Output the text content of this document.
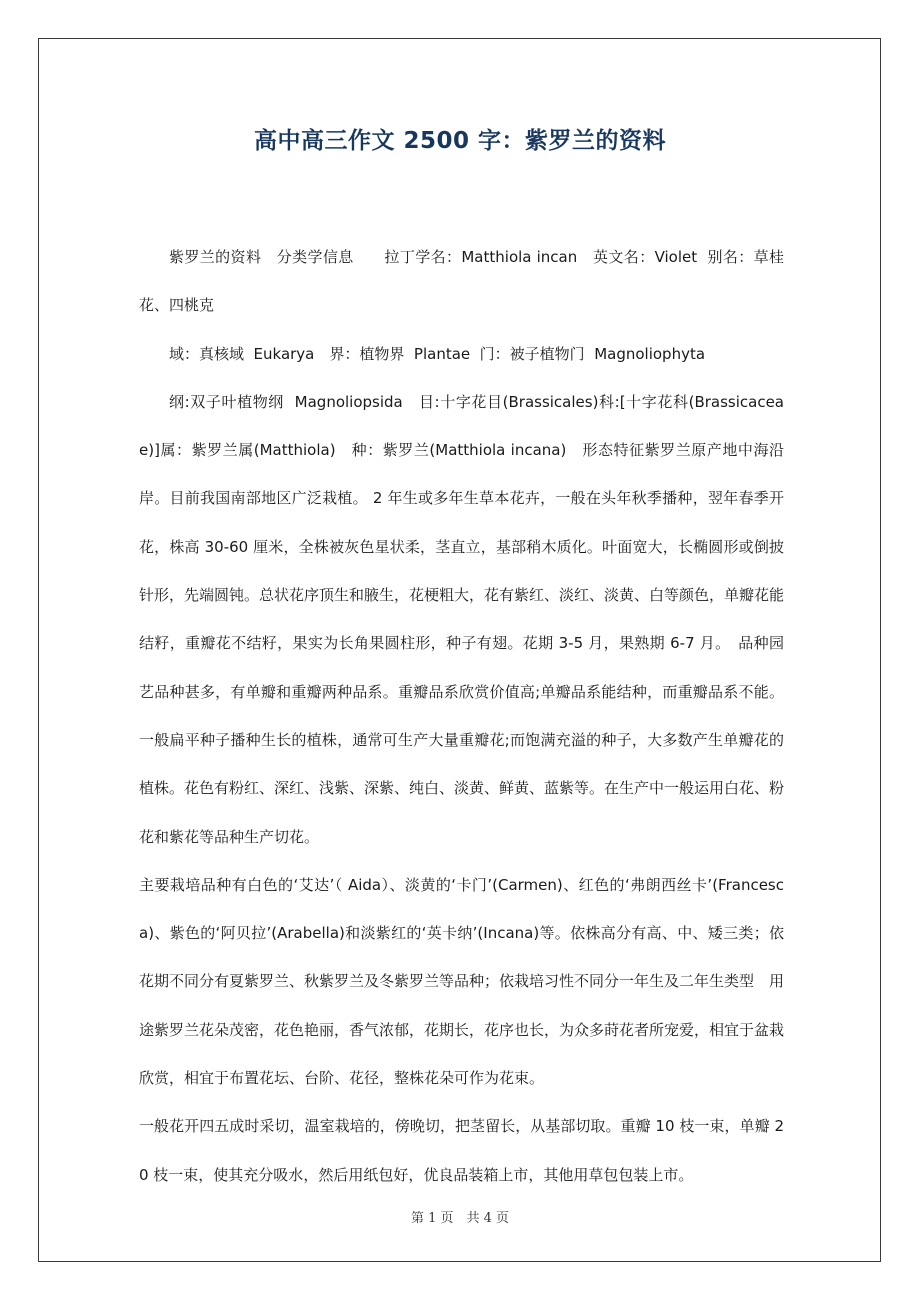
高中高三作文 2500 字：紫罗兰的资料

紫罗兰的资料　分类学信息　　拉丁学名：Matthiola incan　英文名：Violet  别名：草桂花、四桃克

域：真核域  Eukarya　界：植物界  Plantae  门：被子植物门  Magnoliophyta

纲:双子叶植物纲  Magnoliopsida　目:十字花目(Brassicales)科:[十字花科(Brassicaceae)]属：紫罗兰属(Matthiola)　种：紫罗兰(Matthiola incana)　形态特征紫罗兰原产地中海沿岸。目前我国南部地区广泛栽植。 2 年生或多年生草本花卉，一般在头年秋季播种，翌年春季开花，株高 30-60 厘米，全株被灰色星状柔，茎直立，基部稍木质化。叶面宽大，长椭圆形或倒披针形，先端圆钝。总状花序顶生和腋生，花梗粗大，花有紫红、淡红、淡黄、白等颜色，单瓣花能结籽，重瓣花不结籽，果实为长角果圆柱形，种子有翅。花期 3-5 月，果熟期 6-7 月。　品种园艺品种甚多，有单瓣和重瓣两种品系。重瓣品系欣赏价值高;单瓣品系能结种，而重瓣品系不能。一般扁平种子播种生长的植株，通常可生产大量重瓣花;而饱满充溢的种子，大多数产生单瓣花的植株。花色有粉红、深红、浅紫、深紫、纯白、淡黄、鲜黄、蓝紫等。在生产中一般运用白花、粉花和紫花等品种生产切花。

主要栽培品种有白色的‘艾达’（ Aida）、淡黄的‘卡门’(Carmen)、红色的‘弗朗西丝卡’(Francesca)、紫色的‘阿贝拉’(Arabella)和淡紫红的‘英卡纳’(Incana)等。依株高分有高、中、矮三类；依花期不同分有夏紫罗兰、秋紫罗兰及冬紫罗兰等品种；依栽培习性不同分一年生及二年生类型　用途紫罗兰花朵茂密，花色艳丽，香气浓郁，花期长，花序也长，为众多莳花者所宠爱，相宜于盆栽欣赏，相宜于布置花坛、台阶、花径，整株花朵可作为花束。

一般花开四五成时采切，温室栽培的，傍晚切，把茎留长，从基部切取。重瓣 10 枝一束，单瓣 20 枝一束，使其充分吸水，然后用纸包好，优良品装箱上市，其他用草包包装上市。

第 1 页　共 4 页
